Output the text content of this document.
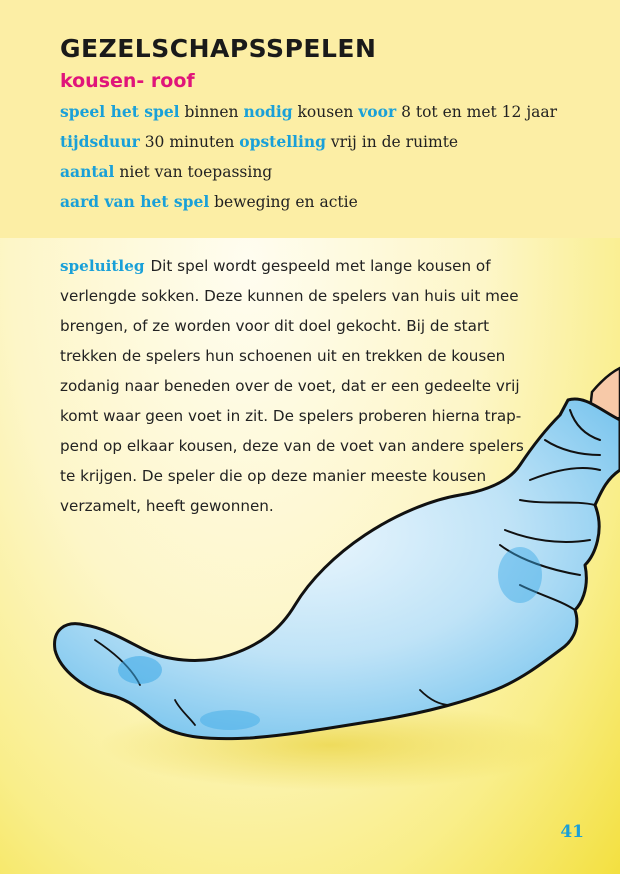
GEZELSCHAPSSPELEN
kousen- roof

speel het spel binnen nodig kousen voor 8 tot en met 12 jaar

tijdsduur 30 minuten opstelling vrij in de ruimte

aantal niet van toepassing

aard van het spel beweging en actie

speluitleg Dit spel wordt gespeeld met lange kousen of
verlengde sokken. Deze kunnen de spelers van huis uit mee
brengen, of ze worden voor dit doel gekocht. Bij de start
trekken de spelers hun schoenen uit en trekken de kousen
zodanig naar beneden over de voet, dat er een gedeelte vrij
komt waar geen voet in zit. De spelers proberen hierna trap-
pend op elkaar kousen, deze van de voet van andere spelers
te krijgen. De speler die op deze manier meeste kousen
verzamelt, heeft gewonnen.

41
